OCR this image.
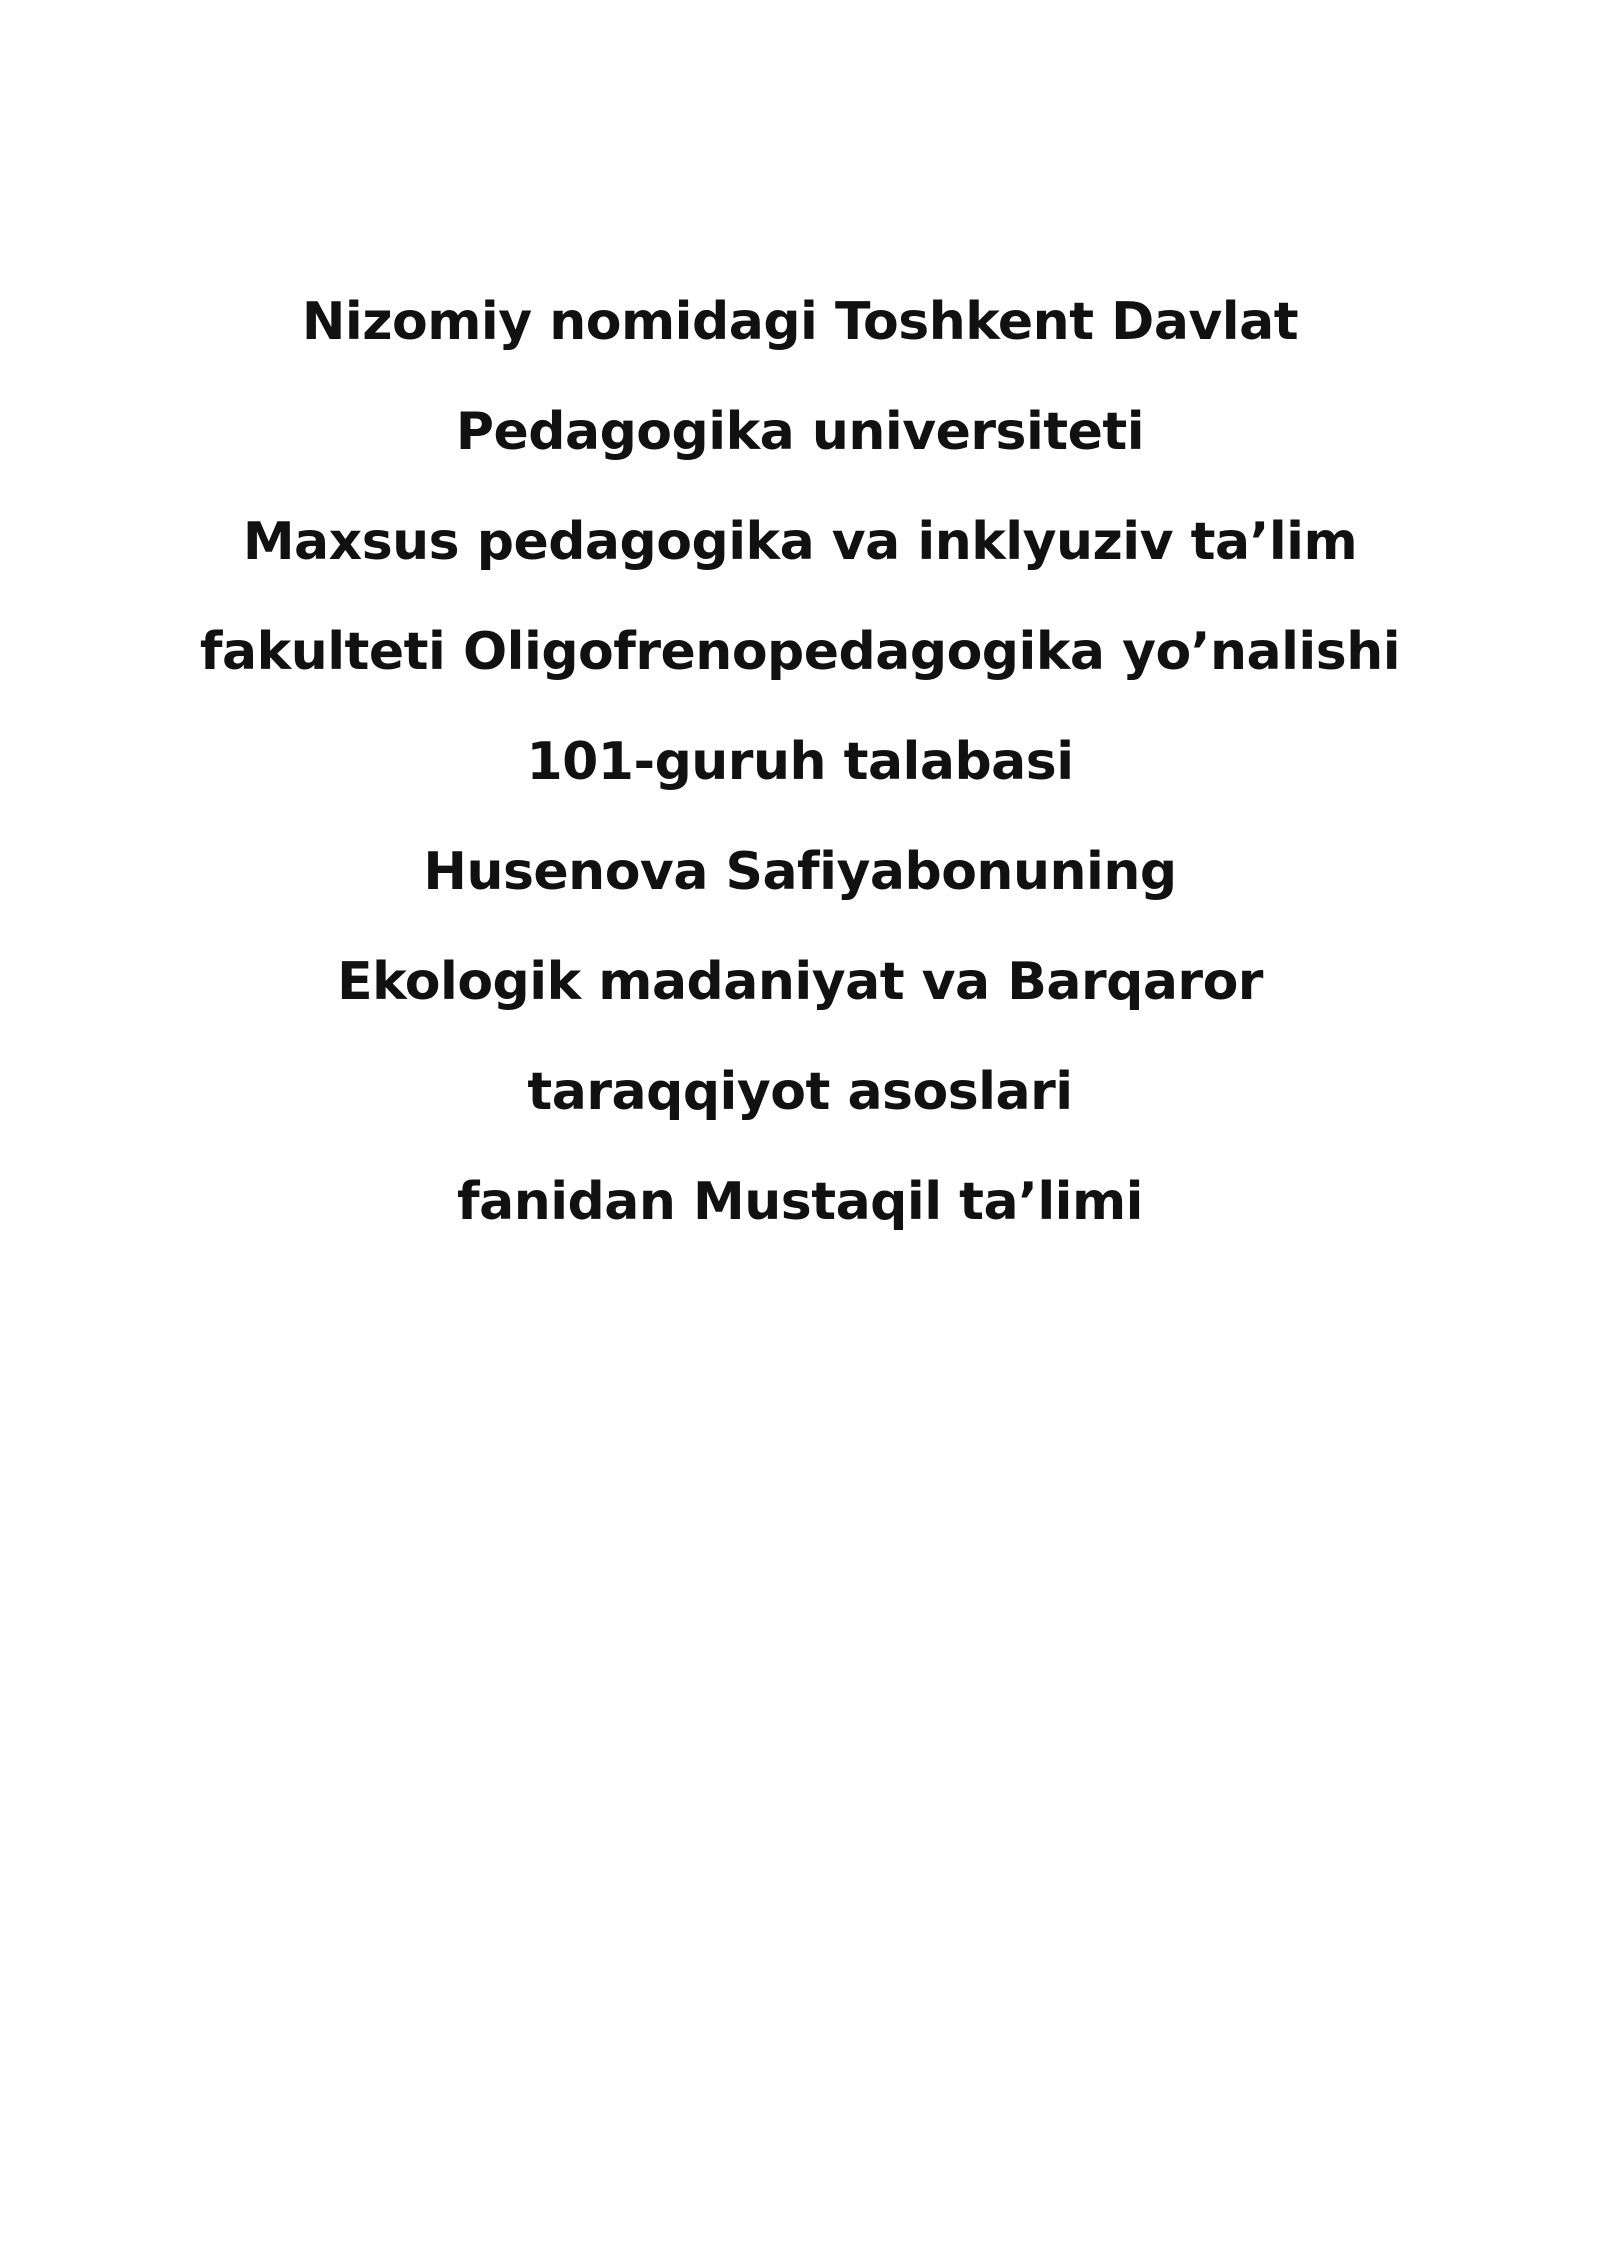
Nizomiy nomidagi Toshkent Davlat
Pedagogika universiteti
Maxsus pedagogika va inklyuziv ta’lim
fakulteti Oligofrenopedagogika yo’nalishi
101-guruh talabasi
Husenova Safiyabonuning
Ekologik madaniyat va Barqaror
taraqqiyot asoslari
fanidan Mustaqil ta’limi
